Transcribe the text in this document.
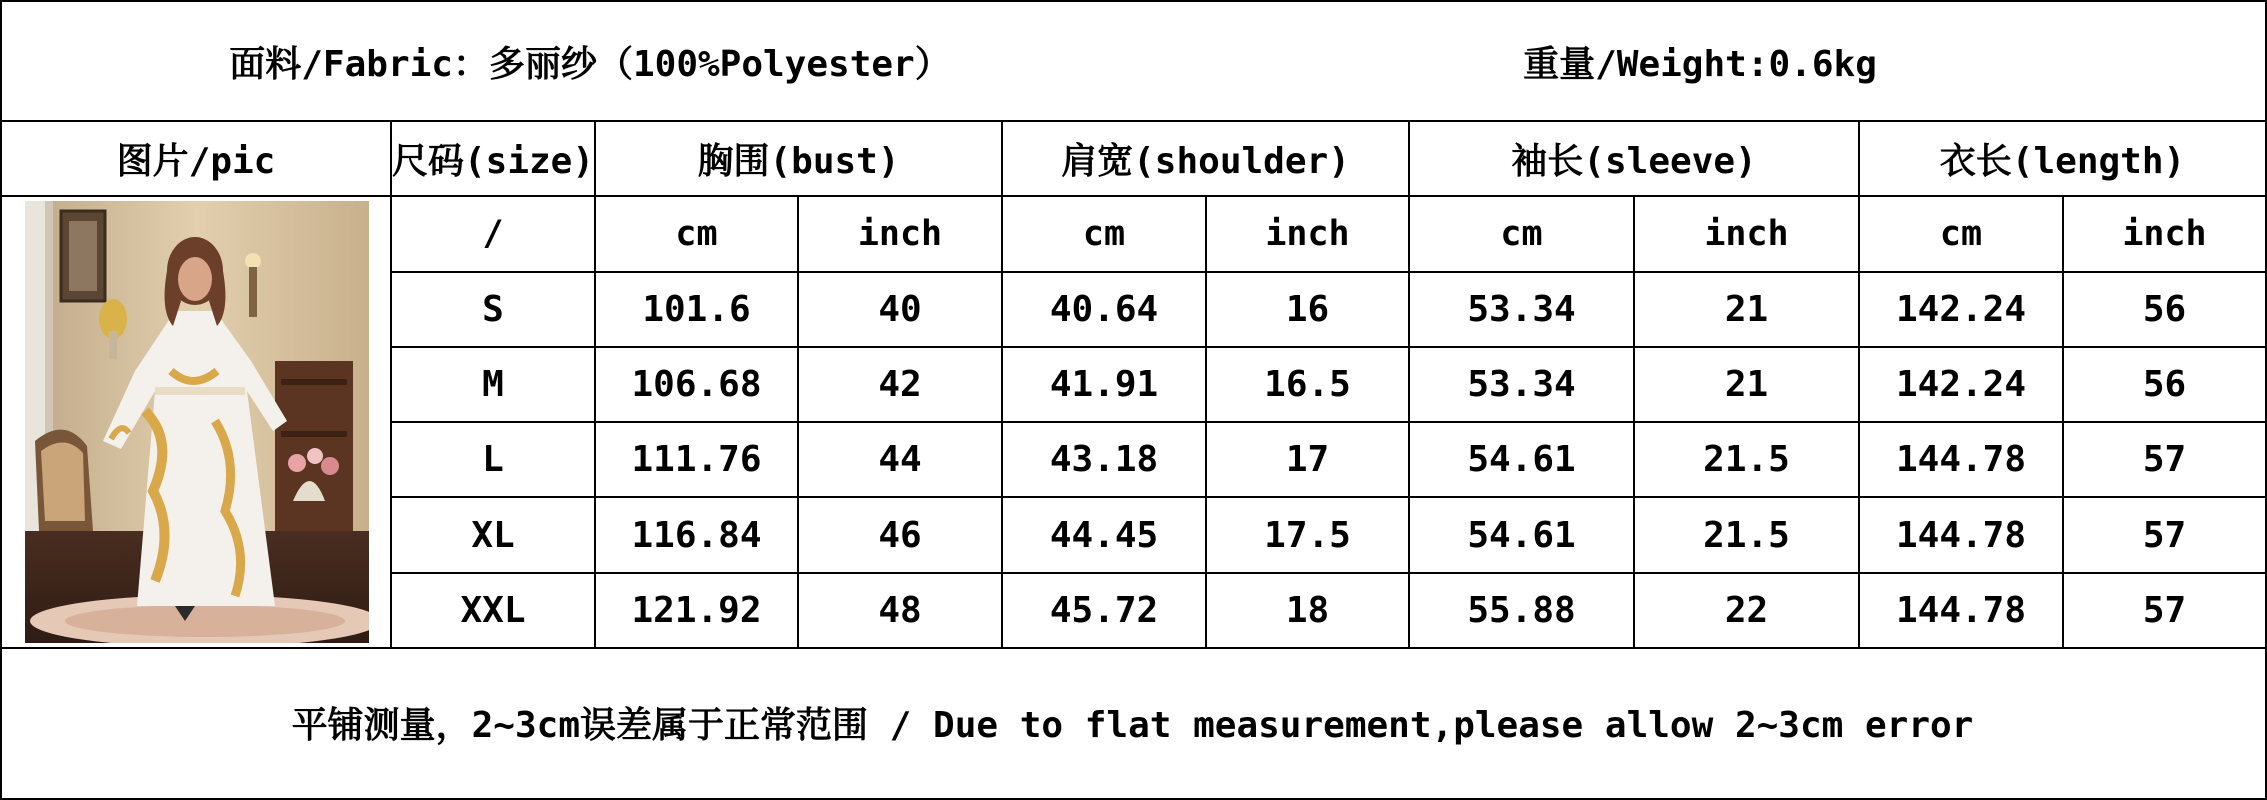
面料/Fabric：多丽纱（100%Polyester）	重量/Weight:0.6kg
图片/pic	尺码(size)	胸围(bust)	肩宽(shoulder)	袖长(sleeve)	衣长(length)
/	cm	inch	cm	inch	cm	inch	cm	inch
S	101.6	40	40.64	16	53.34	21	142.24	56
M	106.68	42	41.91	16.5	53.34	21	142.24	56
L	111.76	44	43.18	17	54.61	21.5	144.78	57
XL	116.84	46	44.45	17.5	54.61	21.5	144.78	57
XXL	121.92	48	45.72	18	55.88	22	144.78	57
平铺测量，2~3cm误差属于正常范围 / Due to flat measurement,please allow 2~3cm error
